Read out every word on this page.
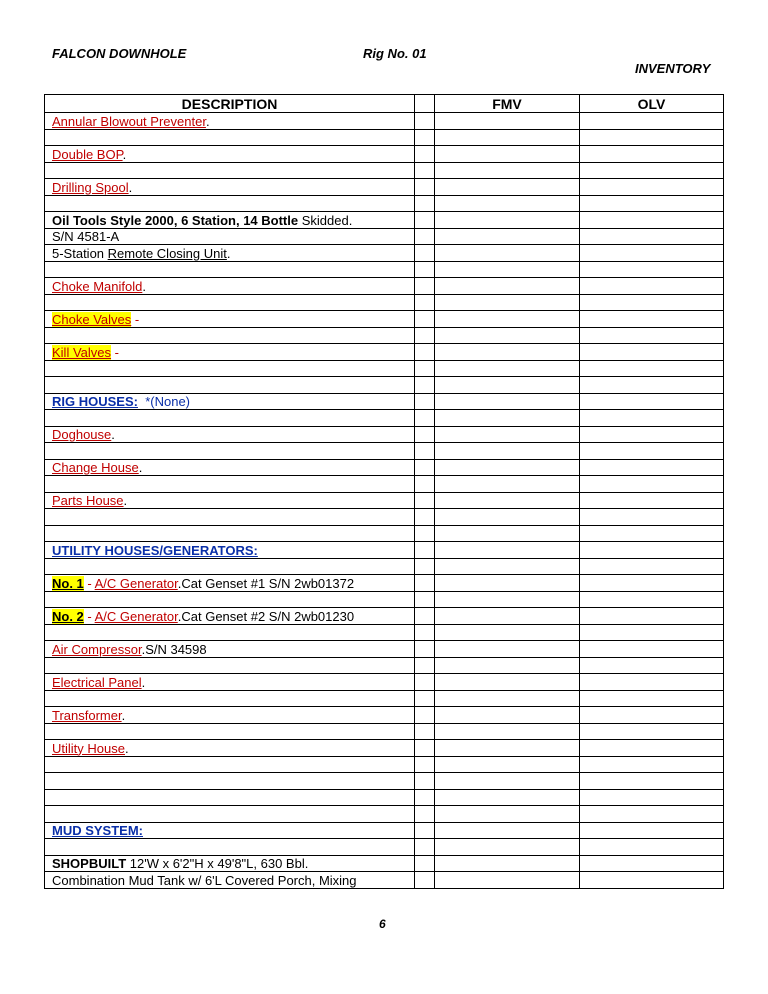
FALCON DOWNHOLE	Rig No. 01
INVENTORY
DESCRIPTION		FMV	OLV
Annular Blowout Preventer.			

Double BOP.			

Drilling Spool.			

Oil Tools Style 2000, 6 Station, 14 Bottle Skidded.			
S/N 4581-A			
5-Station Remote Closing Unit.			

Choke Manifold.			

Choke Valves -			

Kill Valves -			

RIG HOUSES: *(None)			

Doghouse.			

Change House.			

Parts House.			

UTILITY HOUSES/GENERATORS:			

No. 1 - A/C Generator.Cat Genset #1 S/N 2wb01372			

No. 2 - A/C Generator.Cat Genset #2 S/N 2wb01230			

Air Compressor.S/N 34598			

Electrical Panel.			

Transformer.			

Utility House.			

MUD SYSTEM:			

SHOPBUILT 12'W x 6'2"H x 49'8"L, 630 Bbl.			
Combination Mud Tank w/ 6'L Covered Porch, Mixing			
6
